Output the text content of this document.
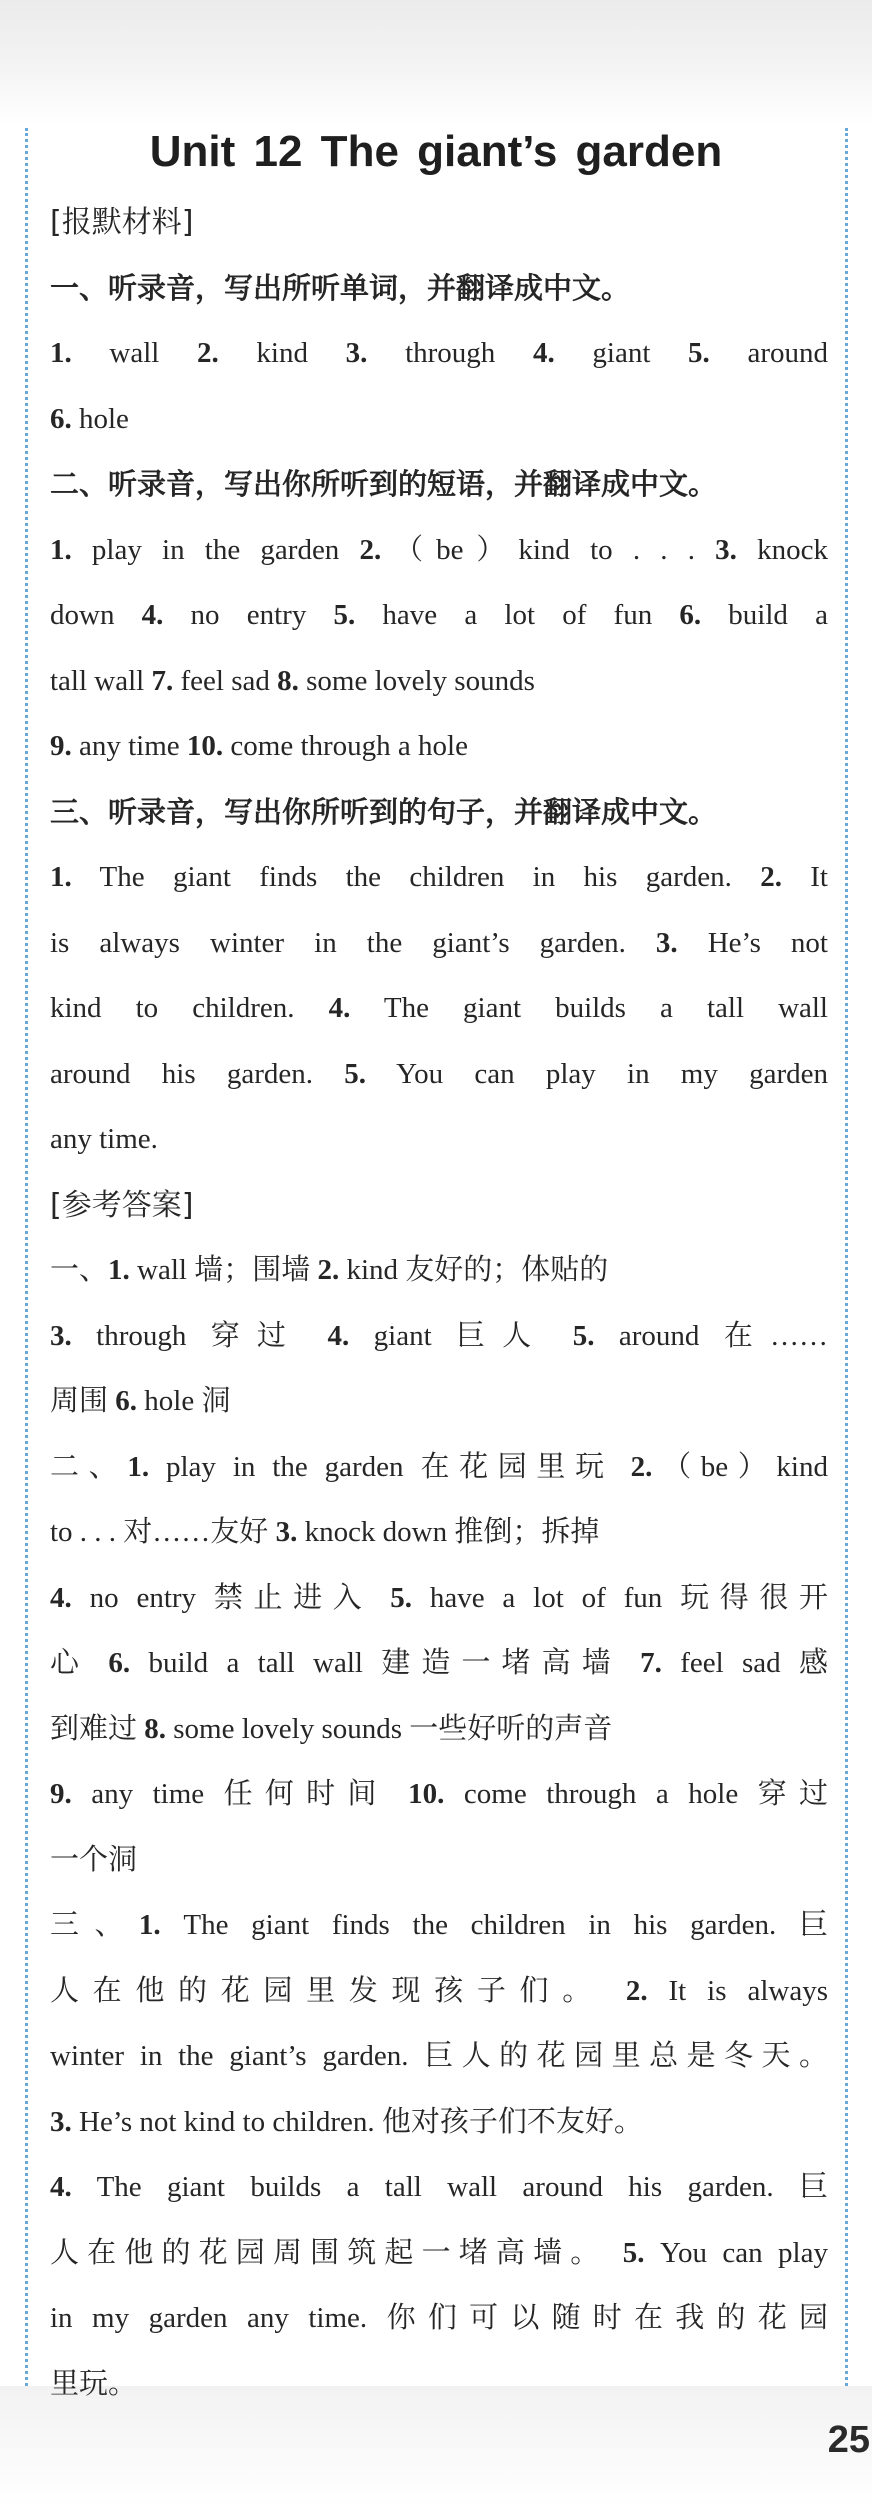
Unit 12 The giant’s garden
[报默材料]
一、听录音，写出所听单词，并翻译成中文。
1. wall 2. kind 3. through 4. giant 5. around
6. hole
二、听录音，写出你所听到的短语，并翻译成中文。
1. play in the garden 2.（be）kind to . . . 3. knock
down 4. no entry 5. have a lot of fun 6. build a
tall wall 7. feel sad 8. some lovely sounds
9. any time 10. come through a hole
三、听录音，写出你所听到的句子，并翻译成中文。
1. The giant finds the children in his garden. 2. It
is always winter in the giant’s garden. 3. He’s not
kind to children. 4. The giant builds a tall wall
around his garden. 5. You can play in my garden
any time.
[参考答案]
一、1. wall 墙；围墙 2. kind 友好的；体贴的
3. through 穿过 4. giant 巨人 5. around 在……
周围 6. hole 洞
二、1. play in the garden 在花园里玩 2.（be）kind
to . . . 对……友好 3. knock down 推倒；拆掉
4. no entry 禁止进入 5. have a lot of fun 玩得很开
心 6. build a tall wall 建造一堵高墙 7. feel sad 感
到难过 8. some lovely sounds 一些好听的声音
9. any time 任何时间 10. come through a hole 穿过
一个洞
三、1. The giant finds the children in his garden. 巨
人在他的花园里发现孩子们。 2. It is always
winter in the giant’s garden. 巨人的花园里总是冬天。
3. He’s not kind to children. 他对孩子们不友好。
4. The giant builds a tall wall around his garden. 巨
人在他的花园周围筑起一堵高墙。 5. You can play
in my garden any time. 你们可以随时在我的花园
里玩。
25
